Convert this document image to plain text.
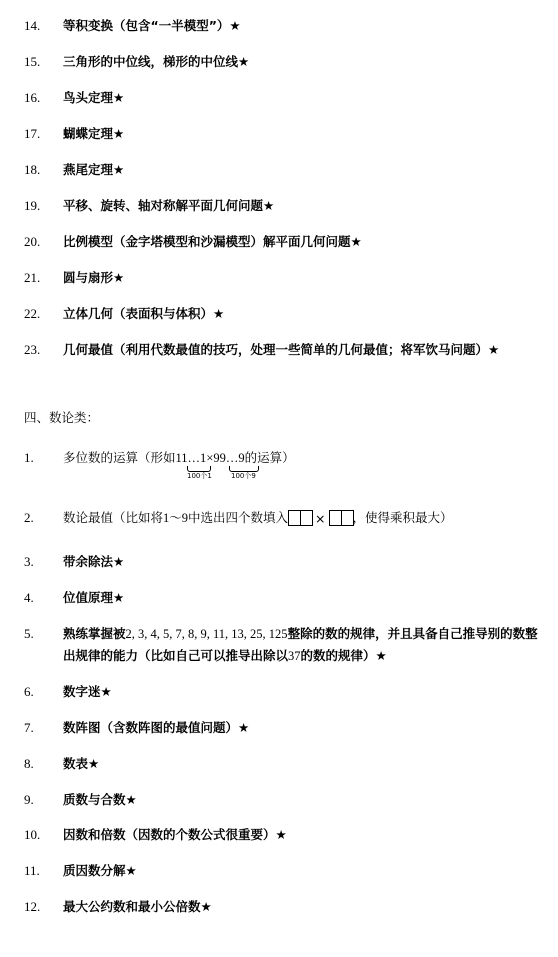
14. 等积变换（包含“一半模型”）★
15. 三角形的中位线，梯形的中位线★
16. 鸟头定理★
17. 蝴蝶定理★
18. 燕尾定理★
19. 平移、旋转、轴对称解平面几何问题★
20. 比例模型（金字塔模型和沙漏模型）解平面几何问题★
21. 圆与扇形★
22. 立体几何（表面积与体积）★
23. 几何最值（利用代数最值的技巧，处理一些简单的几何最值；将军饮马问题）★
四、数论类：
1. 多位数的运算（形如11…1×99…9的运算）
100个1	100个9
2. 数论最值（比如将1～9中选出四个数填入 × ，使得乘积最大）
3. 带余除法★
4. 位值原理★
5. 熟练掌握被2, 3, 4, 5, 7, 8, 9, 11, 13, 25, 125整除的数的规律，并且具备自己推导别的数整
出规律的能力（比如自己可以推导出除以37的数的规律）★
6. 数字迷★
7. 数阵图（含数阵图的最值问题）★
8. 数表★
9. 质数与合数★
10. 因数和倍数（因数的个数公式很重要）★
11. 质因数分解★
12. 最大公约数和最小公倍数★
